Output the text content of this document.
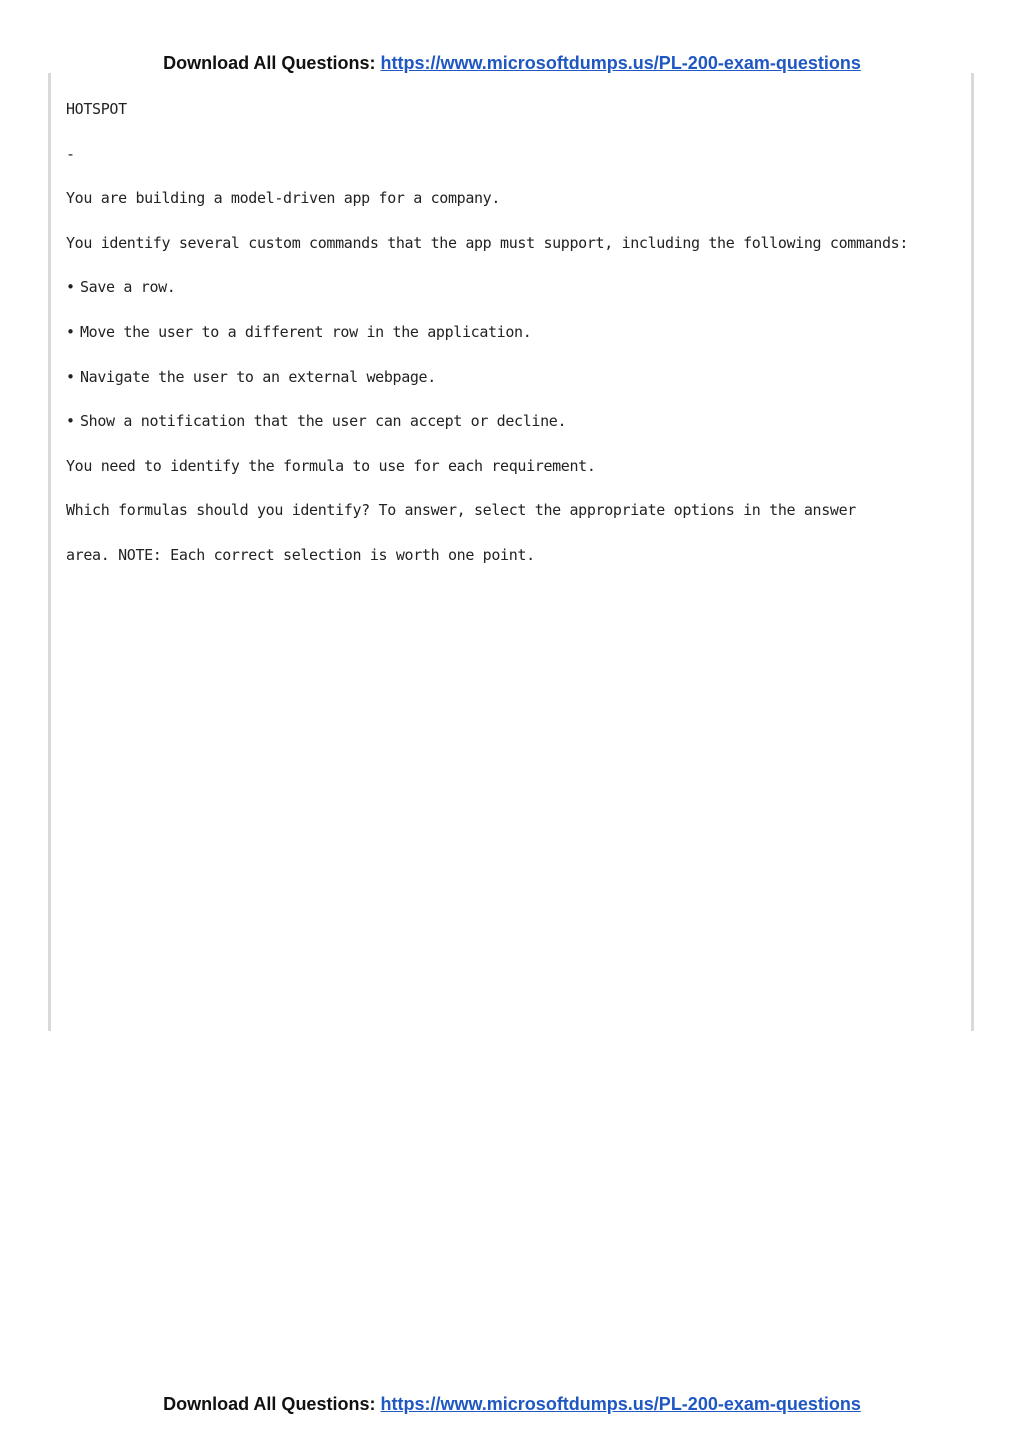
Download All Questions: https://www.microsoftdumps.us/PL-200-exam-questions

HOTSPOT

-

You are building a model-driven app for a company.

You identify several custom commands that the app must support, including the following commands:

• Save a row.

• Move the user to a different row in the application.

• Navigate the user to an external webpage.

• Show a notification that the user can accept or decline.

You need to identify the formula to use for each requirement.

Which formulas should you identify? To answer, select the appropriate options in the answer

area. NOTE: Each correct selection is worth one point.

Download All Questions: https://www.microsoftdumps.us/PL-200-exam-questions
